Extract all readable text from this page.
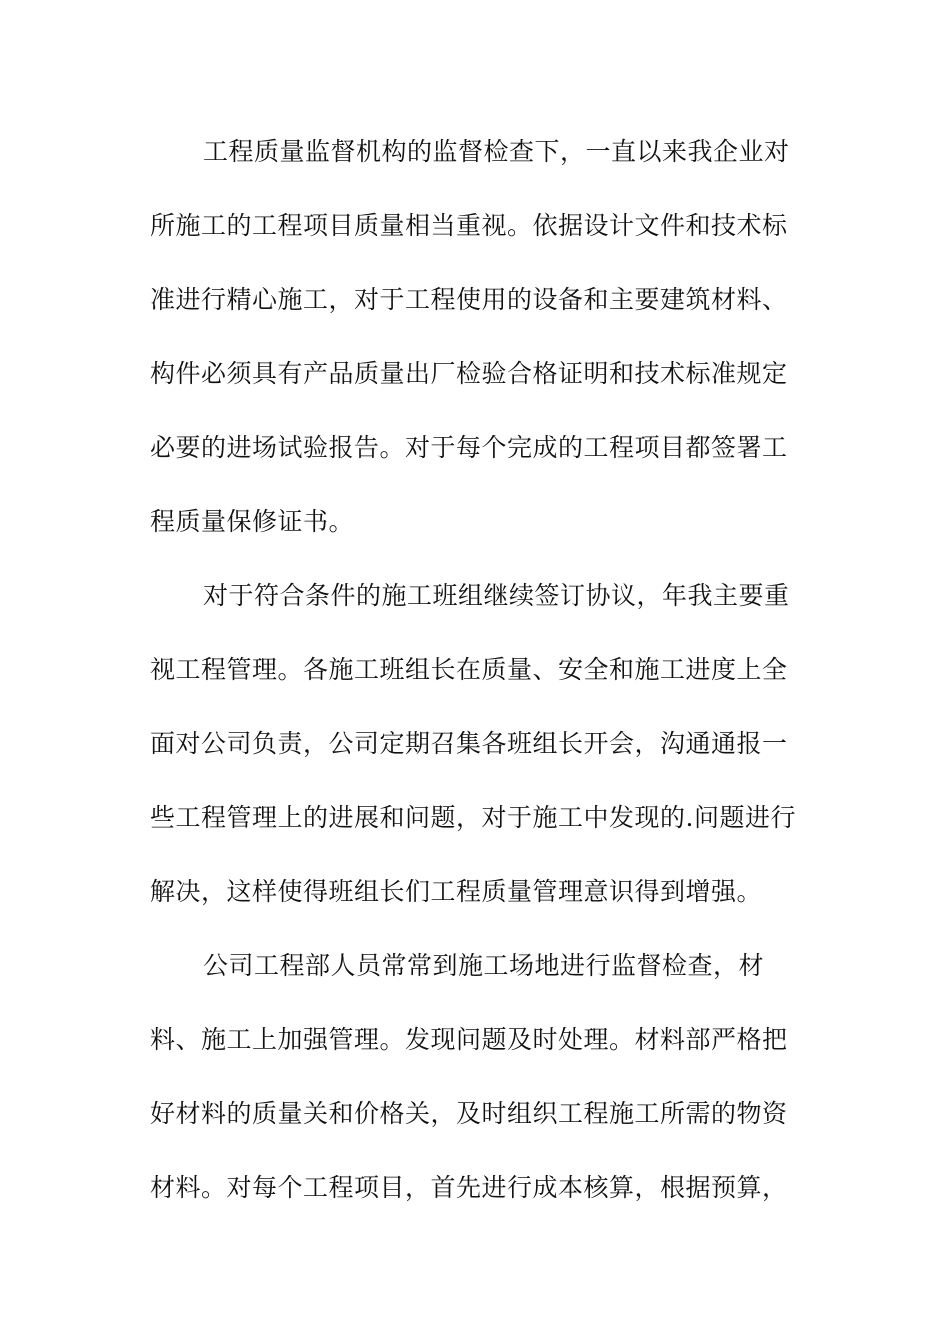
工程质量监督机构的监督检查下，一直以来我企业对
所施工的工程项目质量相当重视。依据设计文件和技术标
准进行精心施工，对于工程使用的设备和主要建筑材料、
构件必须具有产品质量出厂检验合格证明和技术标准规定
必要的进场试验报告。对于每个完成的工程项目都签署工
程质量保修证书。
对于符合条件的施工班组继续签订协议，年我主要重
视工程管理。各施工班组长在质量、安全和施工进度上全
面对公司负责，公司定期召集各班组长开会，沟通通报一
些工程管理上的进展和问题，对于施工中发现的.问题进行
解决，这样使得班组长们工程质量管理意识得到增强。
公司工程部人员常常到施工场地进行监督检查，材
料、施工上加强管理。发现问题及时处理。材料部严格把
好材料的质量关和价格关，及时组织工程施工所需的物资
材料。对每个工程项目，首先进行成本核算，根据预算，
